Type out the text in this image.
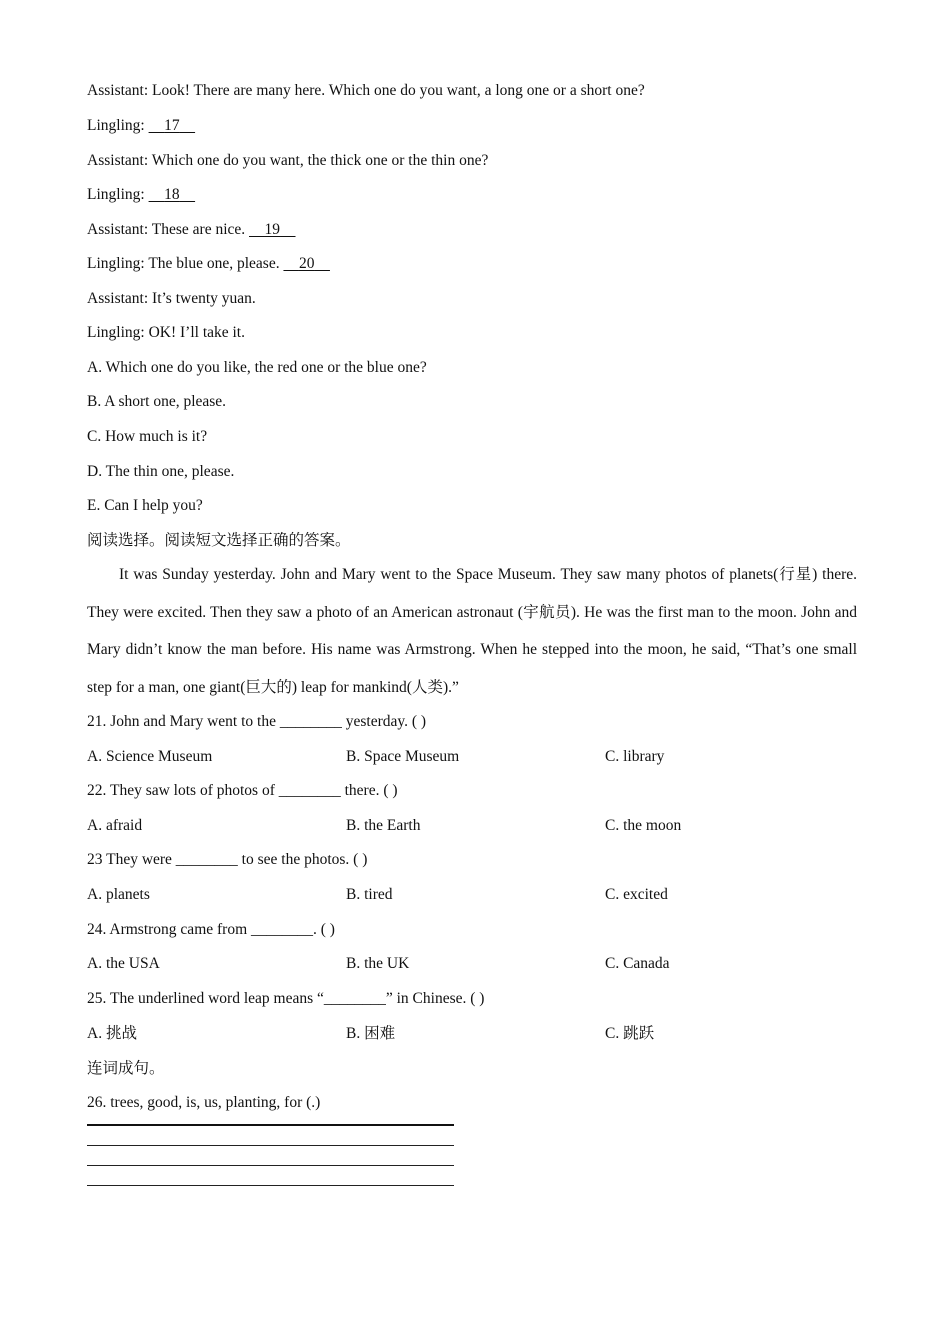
Assistant: Look! There are many here. Which one do you want, a long one or a short one?
Lingling: 17
Assistant: Which one do you want, the thick one or the thin one?
Lingling: 18
Assistant: These are nice. 19
Lingling: The blue one, please. 20
Assistant: It’s twenty yuan.
Lingling: OK! I’ll take it.
A. Which one do you like, the red one or the blue one?
B. A short one, please.
C. How much is it?
D. The thin one, please.
E. Can I help you?
阅读选择。阅读短文选择正确的答案。
It was Sunday yesterday. John and Mary went to the Space Museum. They saw many photos of planets(行星) there. They were excited. Then they saw a photo of an American astronaut (宇航员). He was the first man to the moon. John and Mary didn’t know the man before. His name was Armstrong. When he stepped into the moon, he said, “That’s one small step for a man, one giant(巨大的) leap for mankind(人类).”
21. John and Mary went to the ________ yesterday. ( )
A. Science Museum	B. Space Museum	C. library
22. They saw lots of photos of ________ there. ( )
A. afraid	B. the Earth	C. the moon
23 They were ________ to see the photos. ( )
A. planets	B. tired	C. excited
24. Armstrong came from ________. ( )
A. the USA	B. the UK	C. Canada
25. The underlined word leap means “________” in Chinese. ( )
A. 挑战	B. 困难	C. 跳跃
连词成句。
26. trees, good, is, us, planting, for (.)
